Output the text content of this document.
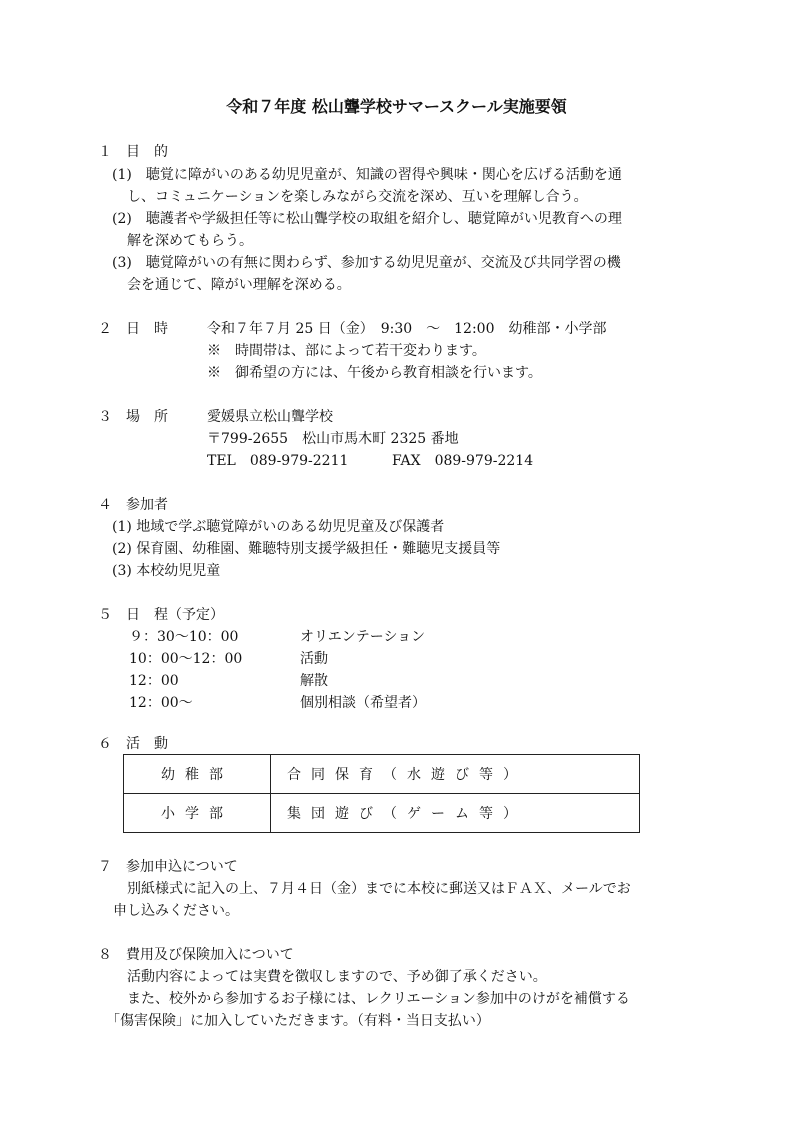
令和７年度 松山聾学校サマースクール実施要領
１　目　的
(1)　聴覚に障がいのある幼児児童が、知識の習得や興味・関心を広げる活動を通
し、コミュニケーションを楽しみながら交流を深め、互いを理解し合う。
(2)　聴護者や学級担任等に松山聾学校の取組を紹介し、聴覚障がい児教育への理
解を深めてもらう。
(3)　聴覚障がいの有無に関わらず、参加する幼児児童が、交流及び共同学習の機
会を通じて、障がい理解を深める。
２　日　時	令和７年７月 25 日（金）　9:30　〜　12:00　幼稚部・小学部
※　時間帯は、部によって若干変わります。
※　御希望の方には、午後から教育相談を行います。
３　場　所	愛媛県立松山聾学校
〒799-2655　松山市馬木町 2325 番地
TEL　089-979-2211	FAX　089-979-2214
４　参加者
(1) 地域で学ぶ聴覚障がいのある幼児児童及び保護者
(2) 保育園、幼稚園、難聴特別支援学級担任・難聴児支援員等
(3) 本校幼児児童
５　日　程（予定）
９：30〜10：00	オリエンテーション
10：00〜12：00	活動
12：00	解散
12：00〜	個別相談（希望者）
６　活　動
幼稚部	合同保育（水遊び等）
小学部	集団遊び（ゲーム等）
７　参加申込について
別紙様式に記入の上、７月４日（金）までに本校に郵送又はＦＡＸ、メールでお
申し込みください。
８　費用及び保険加入について
活動内容によっては実費を徴収しますので、予め御了承ください。
また、校外から参加するお子様には、レクリエーション参加中のけがを補償する
「傷害保険」に加入していただきます。（有料・当日支払い）
